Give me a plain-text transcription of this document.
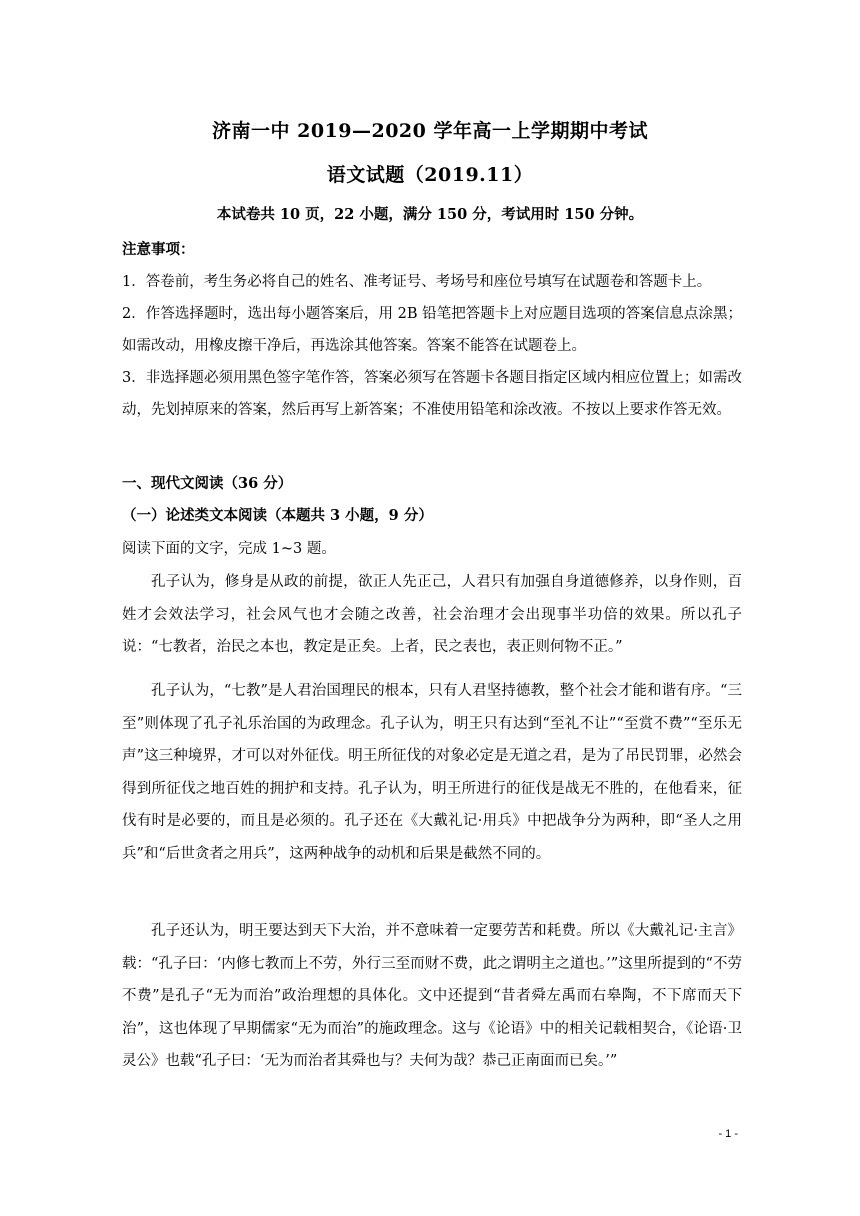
济南一中 2019—2020 学年高一上学期期中考试
语文试题（2019.11）
本试卷共 10 页，22 小题，满分 150 分，考试用时 150 分钟。
注意事项：
1．答卷前，考生务必将自己的姓名、准考证号、考场号和座位号填写在试题卷和答题卡上。
2．作答选择题时，选出每小题答案后，用 2B 铅笔把答题卡上对应题目选项的答案信息点涂黑；如需改动，用橡皮擦干净后，再选涂其他答案。答案不能答在试题卷上。
3．非选择题必须用黑色签字笔作答，答案必须写在答题卡各题目指定区域内相应位置上；如需改动，先划掉原来的答案，然后再写上新答案；不准使用铅笔和涂改液。不按以上要求作答无效。
一、现代文阅读（36 分）
（一）论述类文本阅读（本题共 3 小题，9 分）
阅读下面的文字，完成 1~3 题。
孔子认为，修身是从政的前提，欲正人先正己，人君只有加强自身道德修养，以身作则，百姓才会效法学习，社会风气也才会随之改善，社会治理才会出现事半功倍的效果。所以孔子说：“七教者，治民之本也，教定是正矣。上者，民之表也，表正则何物不正。”
孔子认为，“七教”是人君治国理民的根本，只有人君坚持德教，整个社会才能和谐有序。“三至”则体现了孔子礼乐治国的为政理念。孔子认为，明王只有达到“至礼不让”“至赏不费”“至乐无声”这三种境界，才可以对外征伐。明王所征伐的对象必定是无道之君，是为了吊民罚罪，必然会得到所征伐之地百姓的拥护和支持。孔子认为，明王所进行的征伐是战无不胜的，在他看来，征伐有时是必要的，而且是必须的。孔子还在《大戴礼记·用兵》中把战争分为两种，即“圣人之用兵”和“后世贪者之用兵”，这两种战争的动机和后果是截然不同的。
孔子还认为，明王要达到天下大治，并不意味着一定要劳苦和耗费。所以《大戴礼记·主言》载：“孔子曰：‘内修七教而上不劳，外行三至而财不费，此之谓明主之道也。’”这里所提到的“不劳不费”是孔子“无为而治”政治理想的具体化。文中还提到“昔者舜左禹而右皋陶，不下席而天下治”，这也体现了早期儒家“无为而治”的施政理念。这与《论语》中的相关记载相契合，《论语·卫灵公》也载“孔子曰：‘无为而治者其舜也与？夫何为哉？恭己正南面而已矣。’”
- 1 -
